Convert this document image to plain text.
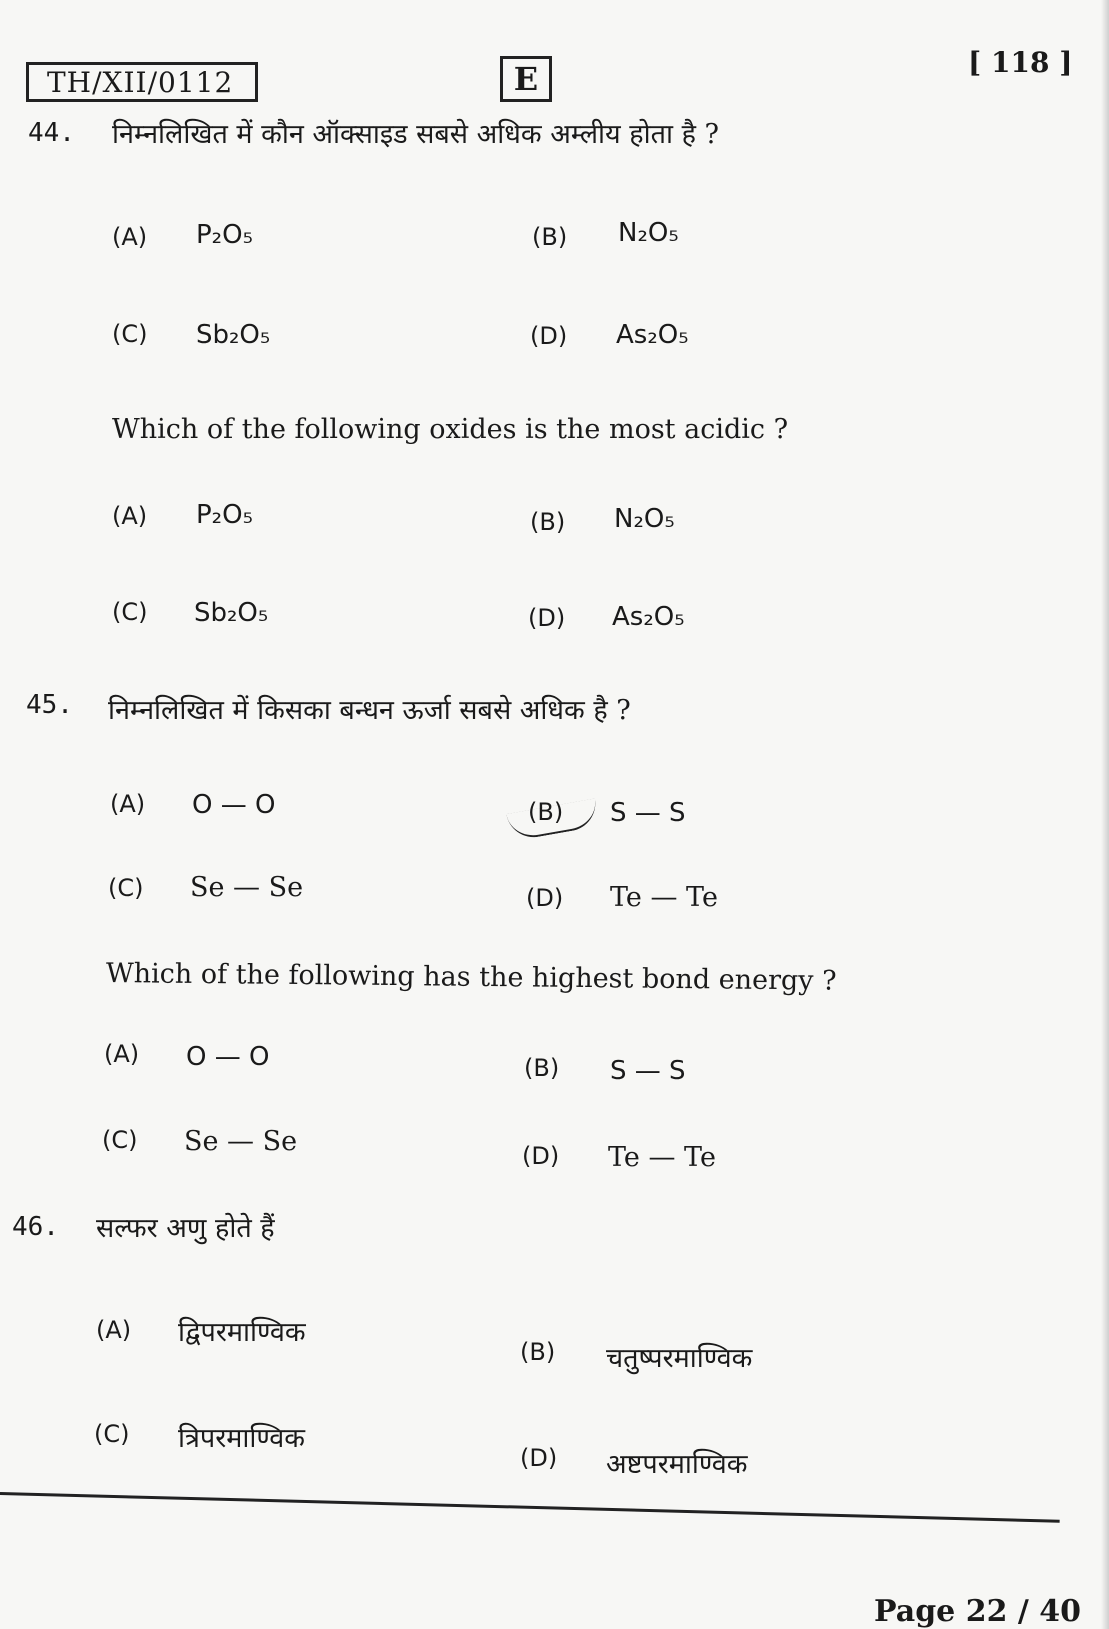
TH/XII/0112	E	[ 118 ]
44. निम्नलिखित में कौन ऑक्साइड सबसे अधिक अम्लीय होता है ?
(A) P₂O₅	(B) N₂O₅
(C) Sb₂O₅	(D) As₂O₅
Which of the following oxides is the most acidic ?
(A) P₂O₅	(B) N₂O₅
(C) Sb₂O₅	(D) As₂O₅
45. निम्नलिखित में किसका बन्धन ऊर्जा सबसे अधिक है ?
(A) O — O	(B) S — S
(C) Se — Se	(D) Te — Te
Which of the following has the highest bond energy ?
(A) O — O	(B) S — S
(C) Se — Se	(D) Te — Te
46. सल्फर अणु होते हैं
(A) द्विपरमाण्विक
(B) चतुष्परमाण्विक
(C) त्रिपरमाण्विक
(D) अष्टपरमाण्विक
Page 22 / 40
